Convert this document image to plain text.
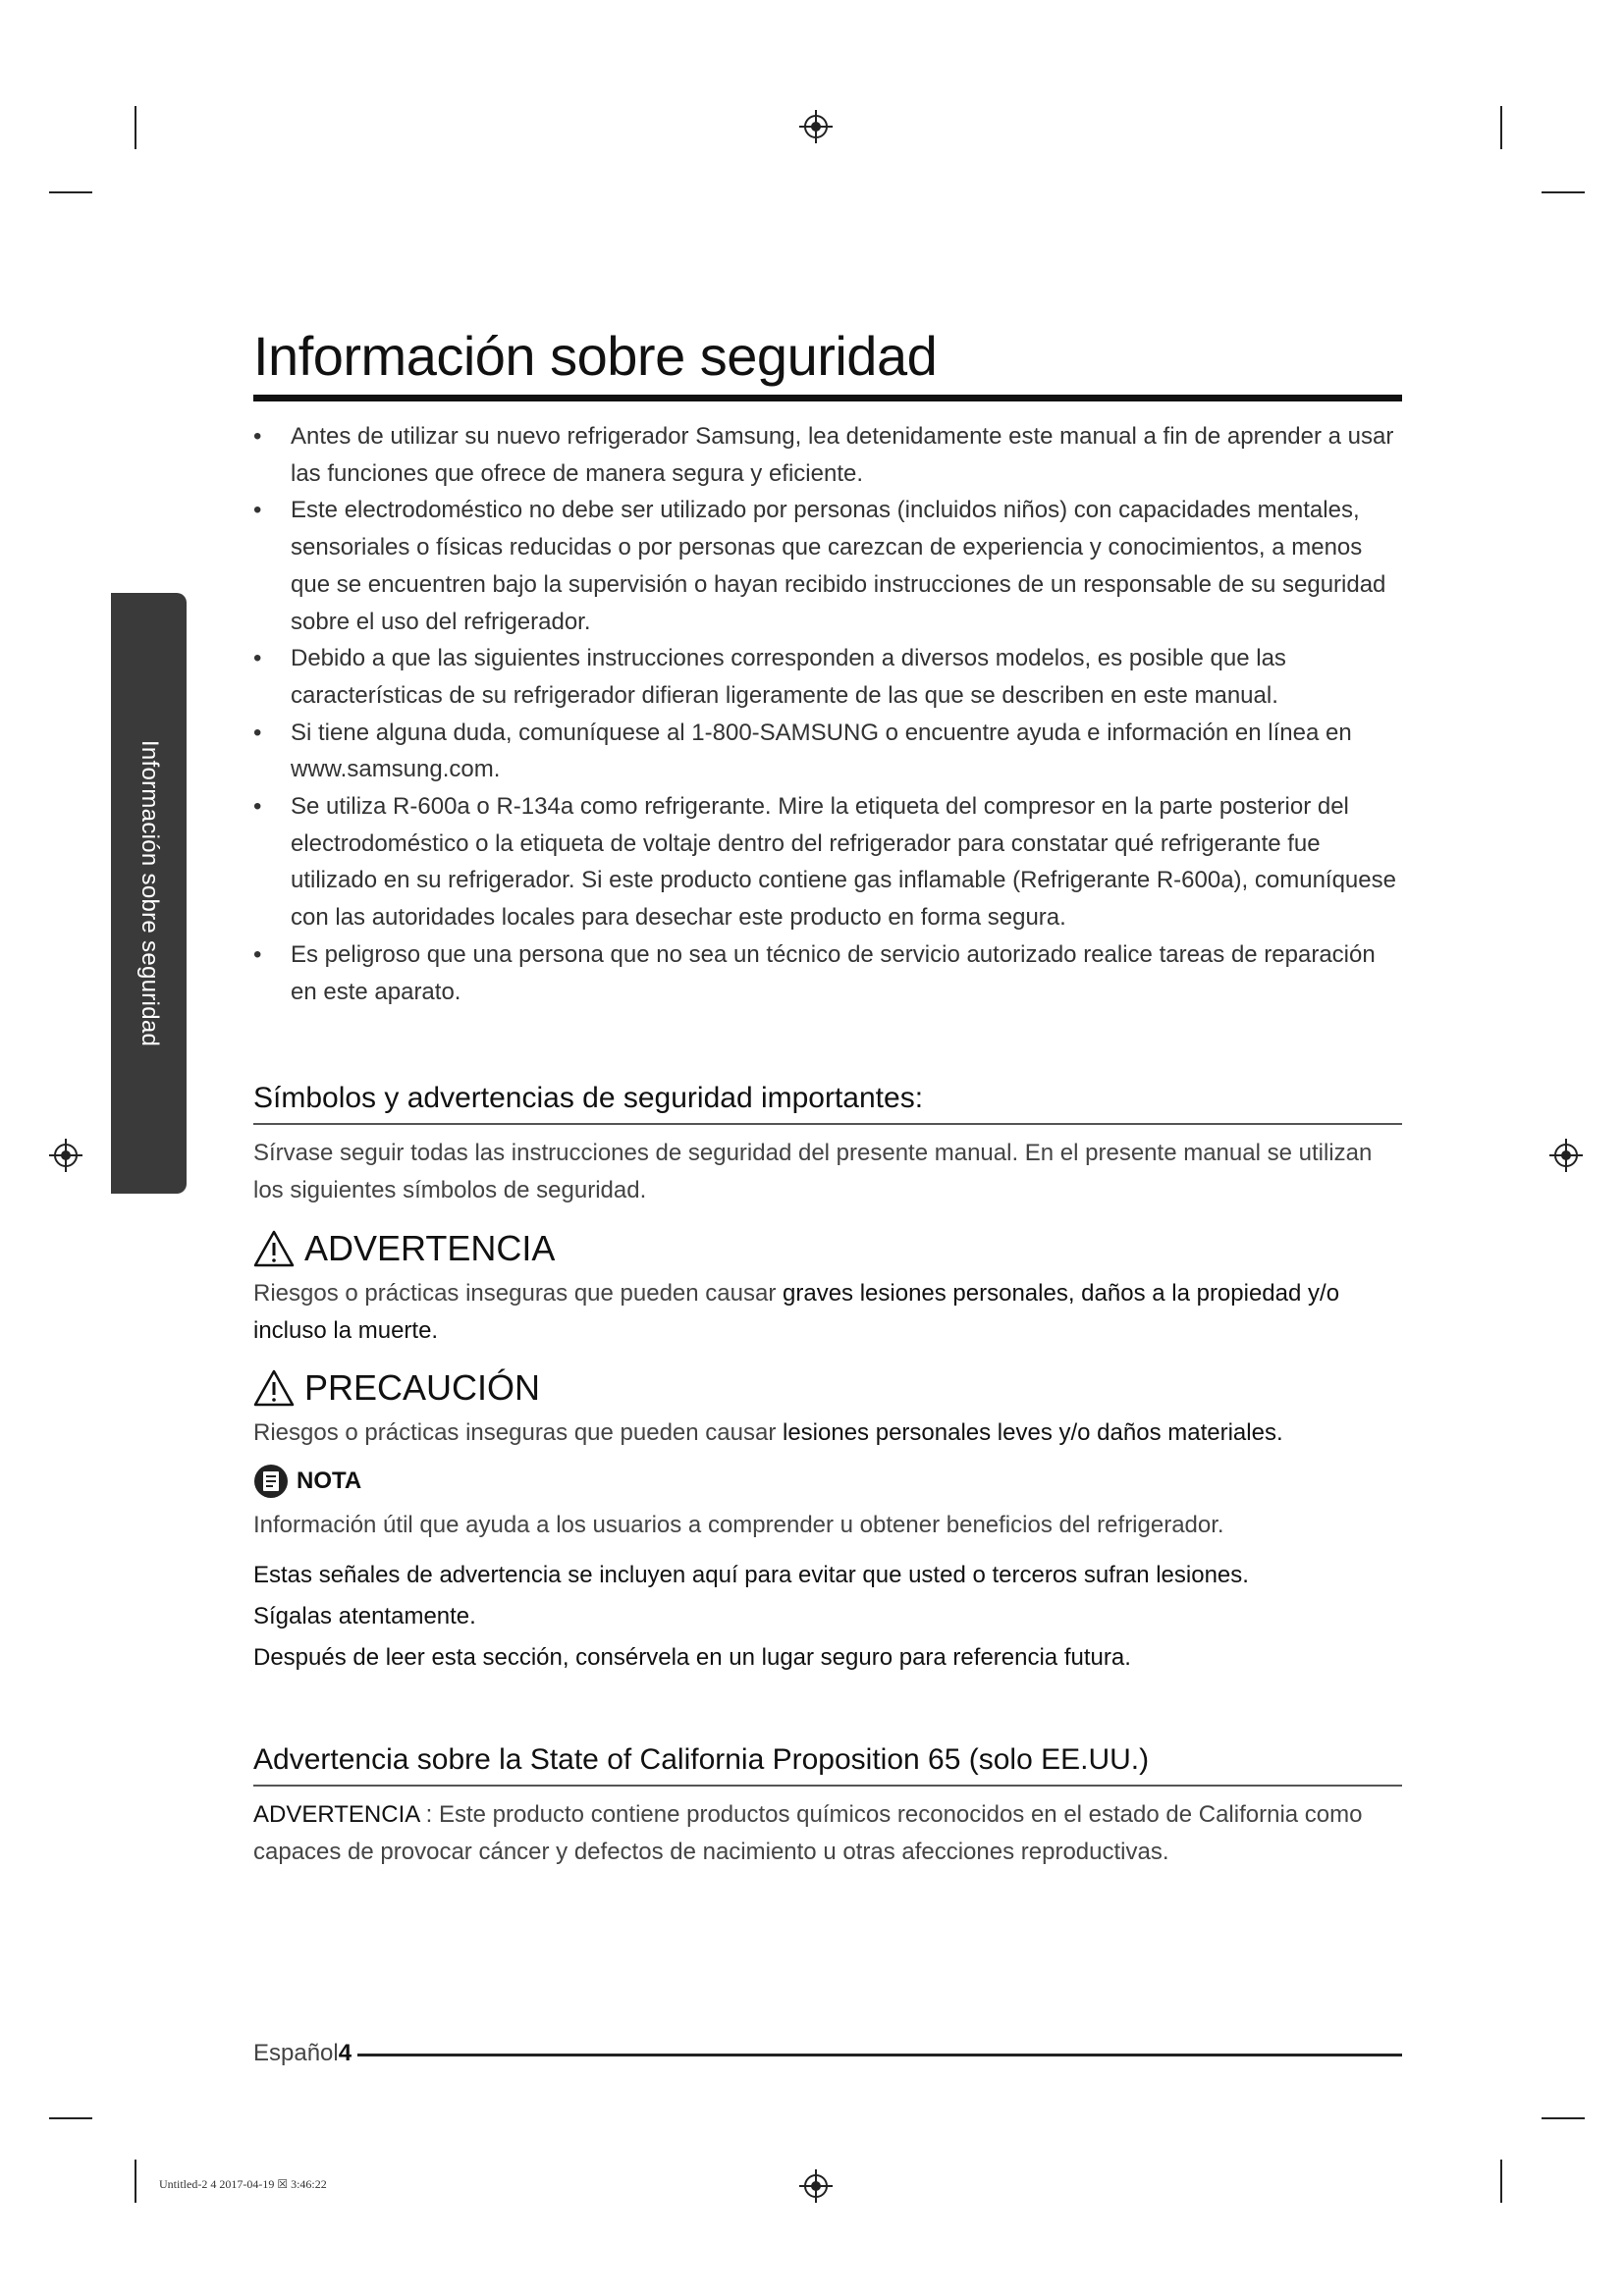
Información sobre seguridad
Información sobre seguridad
• Antes de utilizar su nuevo refrigerador Samsung, lea detenidamente este manual a fin de aprender a usar las funciones que ofrece de manera segura y eficiente.
• Este electrodoméstico no debe ser utilizado por personas (incluidos niños) con capacidades mentales, sensoriales o físicas reducidas o por personas que carezcan de experiencia y conocimientos, a menos que se encuentren bajo la supervisión o hayan recibido instrucciones de un responsable de su seguridad sobre el uso del refrigerador.
• Debido a que las siguientes instrucciones corresponden a diversos modelos, es posible que las características de su refrigerador difieran ligeramente de las que se describen en este manual.
• Si tiene alguna duda, comuníquese al 1-800-SAMSUNG o encuentre ayuda e información en línea en www.samsung.com.
• Se utiliza R-600a o R-134a como refrigerante. Mire la etiqueta del compresor en la parte posterior del electrodoméstico o la etiqueta de voltaje dentro del refrigerador para constatar qué refrigerante fue utilizado en su refrigerador. Si este producto contiene gas inflamable (Refrigerante R-600a), comuníquese con las autoridades locales para desechar este producto en forma segura.
• Es peligroso que una persona que no sea un técnico de servicio autorizado realice tareas de reparación en este aparato.
Símbolos y advertencias de seguridad importantes:
Sírvase seguir todas las instrucciones de seguridad del presente manual. En el presente manual se utilizan los siguientes símbolos de seguridad.
ADVERTENCIA
Riesgos o prácticas inseguras que pueden causar graves lesiones personales, daños a la propiedad y/o incluso la muerte.
PRECAUCIÓN
Riesgos o prácticas inseguras que pueden causar lesiones personales leves y/o daños materiales.
NOTA
Información útil que ayuda a los usuarios a comprender u obtener beneficios del refrigerador.
Estas señales de advertencia se incluyen aquí para evitar que usted o terceros sufran lesiones.
Sígalas atentamente.
Después de leer esta sección, consérvela en un lugar seguro para referencia futura.
Advertencia sobre la State of California Proposition 65 (solo EE.UU.)
ADVERTENCIA : Este producto contiene productos químicos reconocidos en el estado de California como capaces de provocar cáncer y defectos de nacimiento u otras afecciones reproductivas.
Español4
Untitled-2 4 2017-04-19 ☒ 3:46:22
